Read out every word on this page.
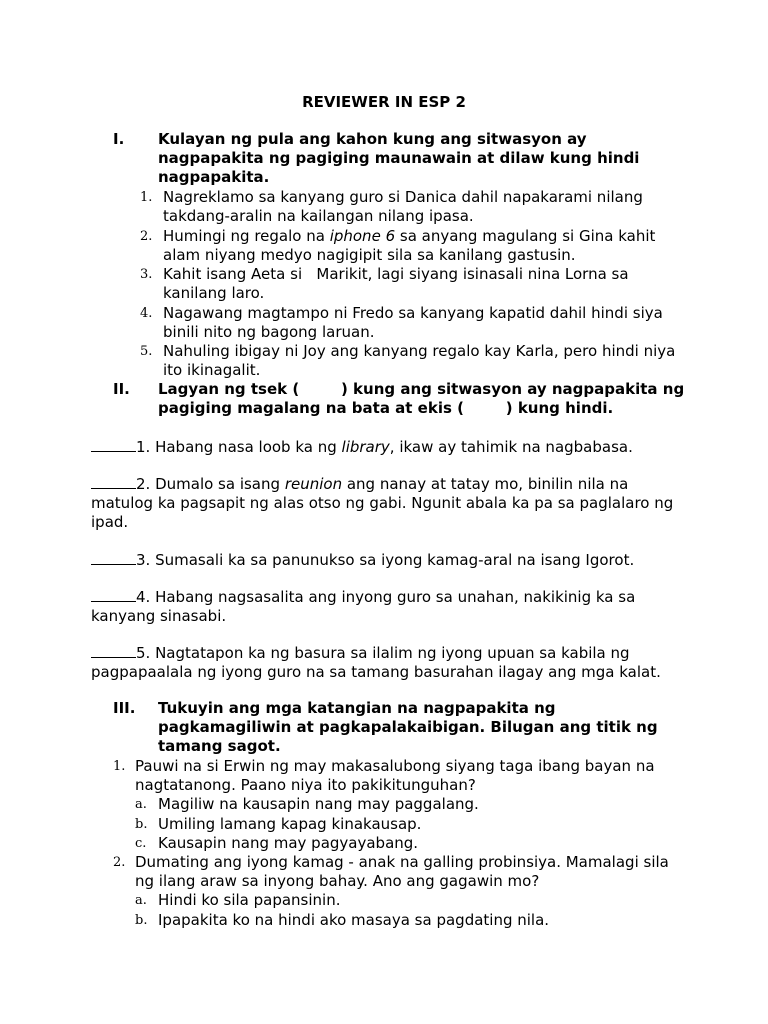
REVIEWER IN ESP 2
I. Kulayan ng pula ang kahon kung ang sitwasyon ay nagpapakita ng pagiging maunawain at dilaw kung hindi nagpapakita.
1. Nagreklamo sa kanyang guro si Danica dahil napakarami nilang takdang-aralin na kailangan nilang ipasa.
2. Humingi ng regalo na iphone 6 sa anyang magulang si Gina kahit alam niyang medyo nagigipit sila sa kanilang gastusin.
3. Kahit isang Aeta si   Marikit, lagi siyang isinasali nina Lorna sa kanilang laro.
4. Nagawang magtampo ni Fredo sa kanyang kapatid dahil hindi siya binili nito ng bagong laruan.
5. Nahuling ibigay ni Joy ang kanyang regalo kay Karla, pero hindi niya ito ikinagalit.
II. Lagyan ng tsek (        ) kung ang sitwasyon ay nagpapakita ng pagiging magalang na bata at ekis (        ) kung hindi.
1. Habang nasa loob ka ng library, ikaw ay tahimik na nagbabasa.
2. Dumalo sa isang reunion ang nanay at tatay mo, binilin nila na matulog ka pagsapit ng alas otso ng gabi. Ngunit abala ka pa sa paglalaro ng ipad.
3. Sumasali ka sa panunukso sa iyong kamag-aral na isang Igorot.
4. Habang nagsasalita ang inyong guro sa unahan, nakikinig ka sa kanyang sinasabi.
5. Nagtatapon ka ng basura sa ilalim ng iyong upuan sa kabila ng pagpapaalala ng iyong guro na sa tamang basurahan ilagay ang mga kalat.
III. Tukuyin ang mga katangian na nagpapakita ng pagkamagiliwin at pagkapalakaibigan. Bilugan ang titik ng tamang sagot.
1. Pauwi na si Erwin ng may makasalubong siyang taga ibang bayan na nagtatanong. Paano niya ito pakikitunguhan?
a. Magiliw na kausapin nang may paggalang.
b. Umiling lamang kapag kinakausap.
c. Kausapin nang may pagyayabang.
2. Dumating ang iyong kamag - anak na galling probinsiya. Mamalagi sila ng ilang araw sa inyong bahay. Ano ang gagawin mo?
a. Hindi ko sila papansinin.
b. Ipapakita ko na hindi ako masaya sa pagdating nila.
